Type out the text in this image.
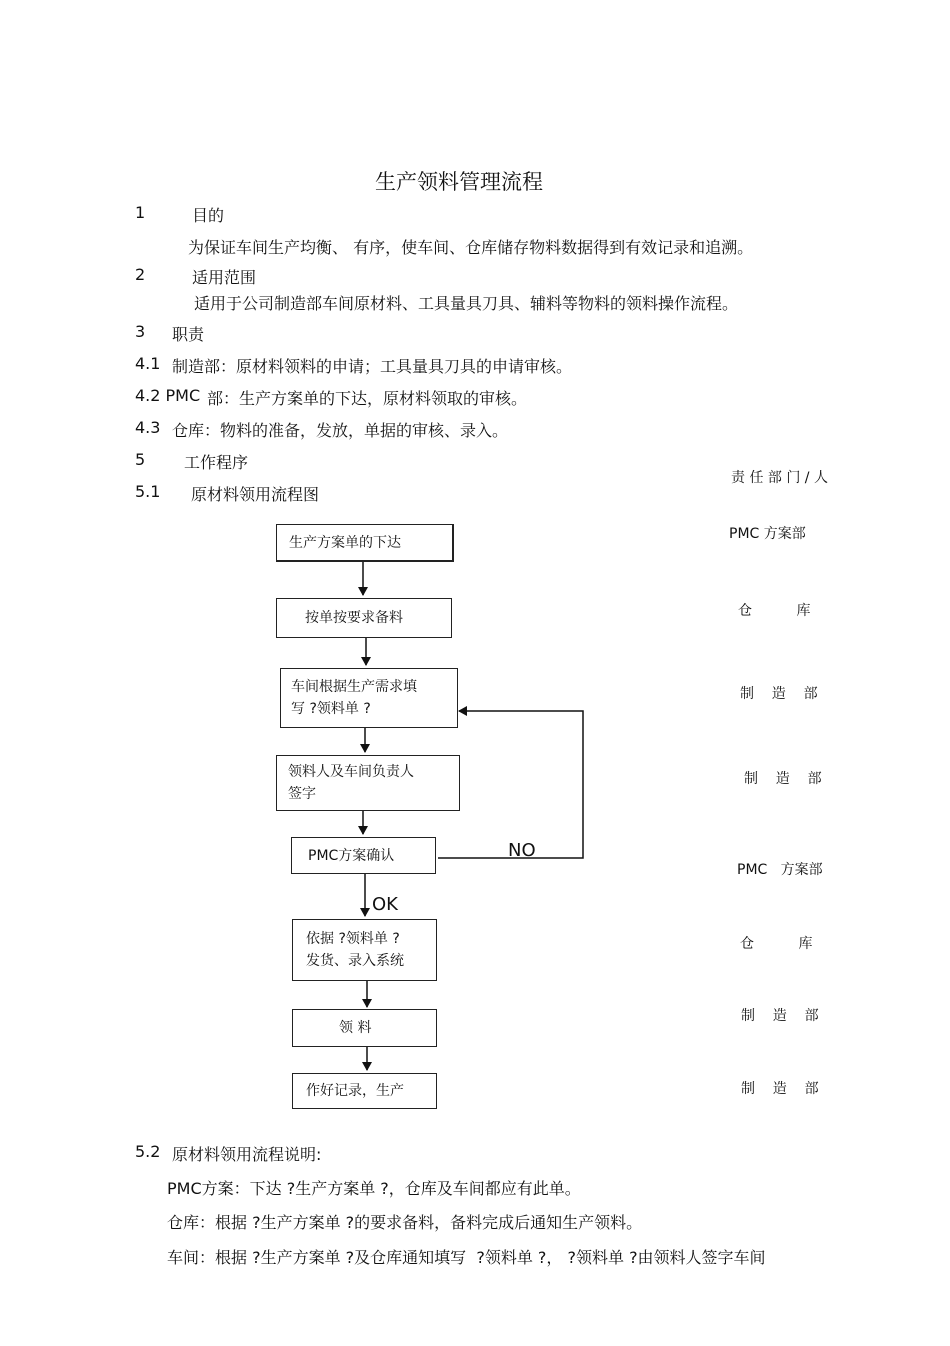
生产领料管理流程
1	目的
为保证车间生产均衡、 有序，使车间、仓库储存物料数据得到有效记录和追溯。
2	适用范围
适用于公司制造部车间原材料、工具量具刀具、辅料等物料的领料操作流程。
3 职责
4.1 制造部：原材料领料的申请；工具量具刀具的申请审核。
4.2 PMC 部：生产方案单的下达，原材料领取的审核。
4.3 仓库：物料的准备，发放，单据的审核、录入。
5 工作程序
5.1 原材料领用流程图
责 任 部 门 / 人
生产方案单的下达
按单按要求备料
车间根据生产需求填
写 ?领料单 ?
领料人及车间负责人
签字
PMC方案确认
依据 ?领料单 ?
发货、录入系统
领 料
作好记录，生产
NO
OK
PMC 方案部
仓          库
制    造    部
制    造    部
PMC   方案部
仓          库
制    造    部
制    造    部
5.2 原材料领用流程说明:
PMC方案：下达 ?生产方案单 ?，仓库及车间都应有此单。
仓库：根据 ?生产方案单 ?的要求备料，备料完成后通知生产领料。
车间：根据 ?生产方案单 ?及仓库通知填写  ?领料单 ?， ?领料单 ?由领料人签字车间
